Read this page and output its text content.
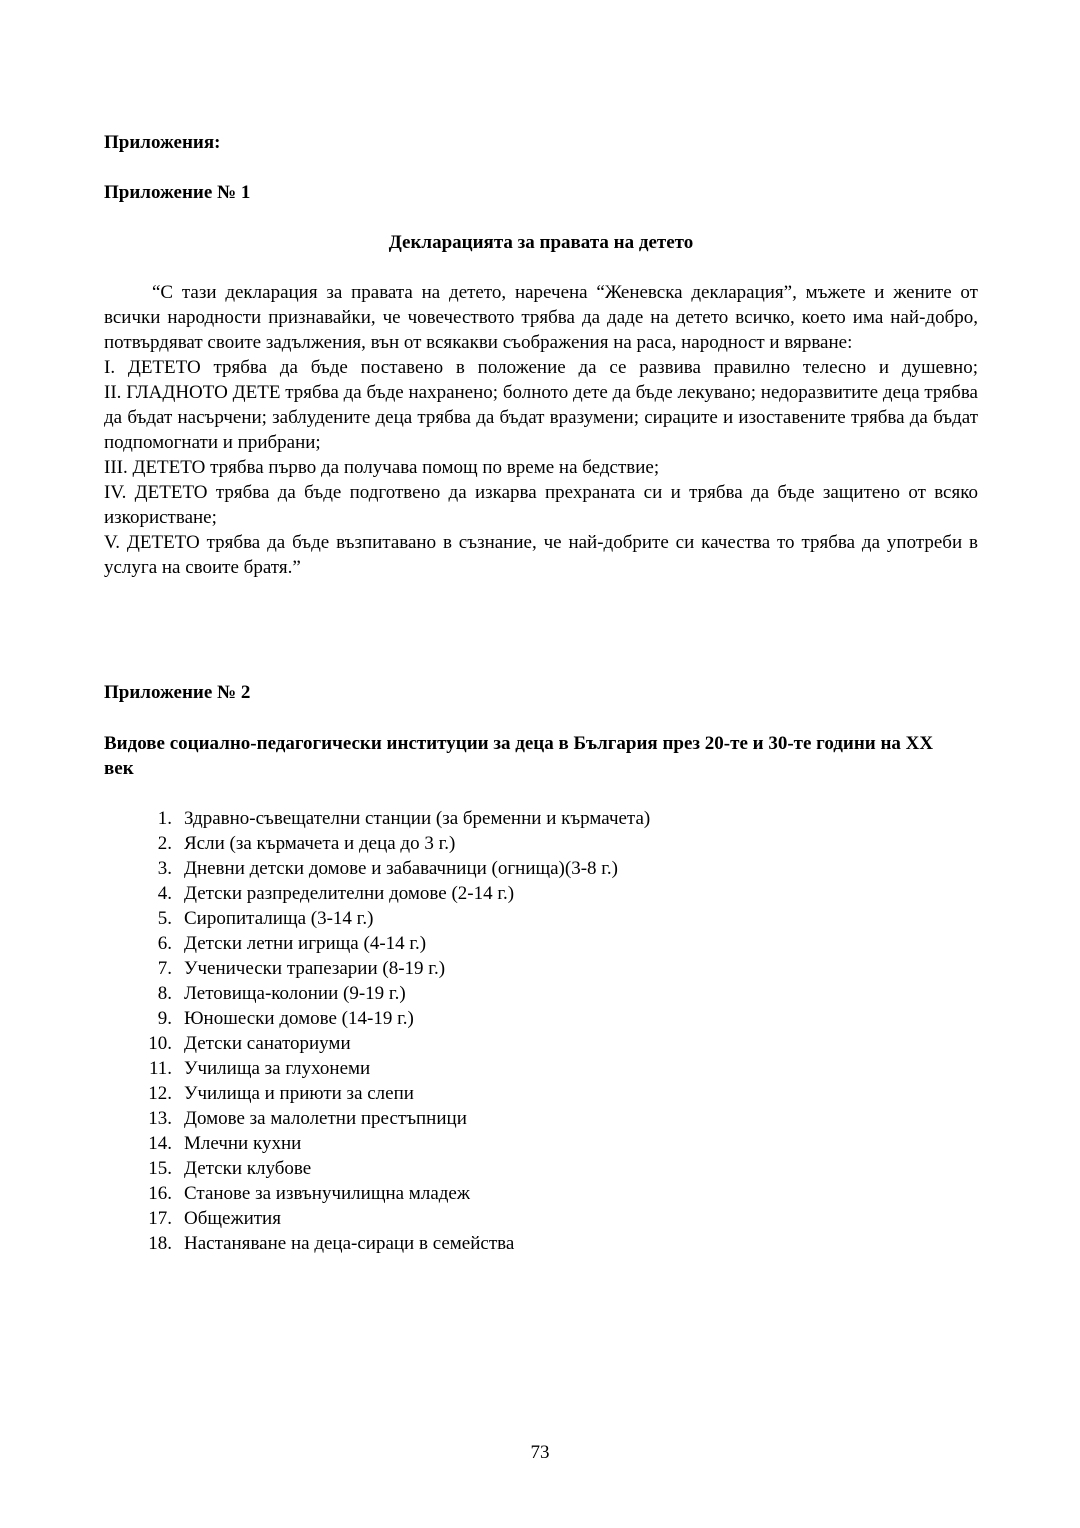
Приложения:
Приложение № 1
Декларацията за правата на детето

“С тази декларация за правата на детето, наречена “Женевска декларация”, мъжете и жените от всички народности признавайки, че човечеството трябва да даде на детето всичко, което има най-добро, потвърдяват своите задължения, вън от всякакви съображения на раса, народност и вярване:

I. ДЕТЕТО трябва да бъде поставено в положение да се развива правилно телесно и душевно;

II. ГЛАДНОТО ДЕТЕ трябва да бъде нахранено; болното дете да бъде лекувано; недоразвитите деца трябва да бъдат насърчени; заблудените деца трябва да бъдат вразумени; сираците и изоставените трябва да бъдат подпомогнати и прибрани;

III. ДЕТЕТО трябва първо да получава помощ по време на бедствие;

IV. ДЕТЕТО трябва да бъде подготвено да изкарва прехраната си и трябва да бъде защитено от всяко изкористване;

V. ДЕТЕТО трябва да бъде възпитавано в съзнание, че най-добрите си качества то трябва да употреби в услуга на своите братя.”

Приложение № 2
Видове социално-педагогически институции за деца в България през 20-те и 30-те години на XX век
1. Здравно-съвещателни станции (за бременни и кърмачета)
2. Ясли (за кърмачета и деца до 3 г.)
3. Дневни детски домове и забавачници (огнища)(3-8 г.)
4. Детски разпределителни домове (2-14 г.)
5. Сиропиталища (3-14 г.)
6. Детски летни игрища (4-14 г.)
7. Ученически трапезарии (8-19 г.)
8. Летовища-колонии (9-19 г.)
9. Юношески домове (14-19 г.)
10. Детски санаториуми
11. Училища за глухонеми
12. Училища и приюти за слепи
13. Домове за малолетни престъпници
14. Млечни кухни
15. Детски клубове
16. Станове за извънучилищна младеж
17. Общежития
18. Настаняване на деца-сираци в семейства
73
